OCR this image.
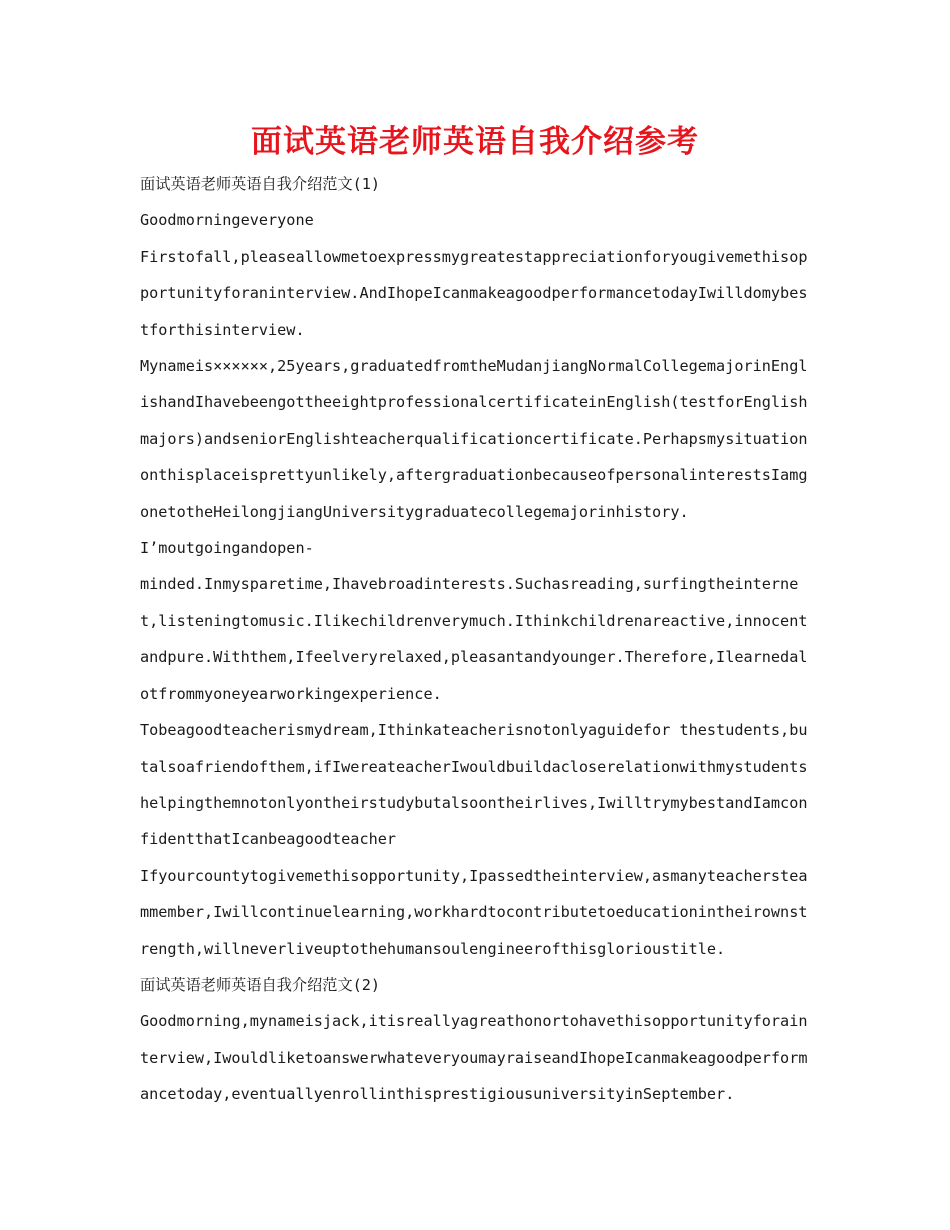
面试英语老师英语自我介绍参考

面试英语老师英语自我介绍范文(1)

Goodmorningeveryone

Firstofall,pleaseallowmetoexpressmygreatestappreciationforyougivemethisopportunityforaninterview.AndIhopeIcanmakeagoodperformancetodayIwilldomybestforthisinterview.

Mynameis××××××,25years,graduatedfromtheMudanjiangNormalCollegemajorinEnglishandIhavebeengottheeightprofessionalcertificateinEnglish(testforEnglishmajors)andseniorEnglishteacherqualificationcertificate.Perhapsmysituationonthisplaceisprettyunlikely,aftergraduationbecauseofpersonalinterestsIamgonetotheHeilongjiangUniversitygraduatecollegemajorinhistory.

I’moutgoingandopen-

minded.Inmysparetime,Ihavebroadinterests.Suchasreading,surfingtheinternet,listeningtomusic.Ilikechildrenverymuch.Ithinkchildrenareactive,innocentandpure.Withthem,Ifeelveryrelaxed,pleasantandyounger.Therefore,Ilearnedalotfrommyoneyearworkingexperience.

Tobeagoodteacherismydream,Ithinkateacherisnotonlyaguidefor thestudents,butalsoafriendofthem,ifIwereateacherIwouldbuildacloserelationwithmystudentshelpingthemnotonlyontheirstudybutalsoontheirlives,IwilltrymybestandIamconfidentthatIcanbeagoodteacher

Ifyourcountytogivemethisopportunity,Ipassedtheinterview,asmanyteachersteammember,Iwillcontinuelearning,workhardtocontributetoeducationintheirownstrength,willneverliveuptothehumansoulengineerofthisglorioustitle.

面试英语老师英语自我介绍范文(2)

Goodmorning,mynameisjack,itisreallyagreathonortohavethisopportunityforainterview,IwouldliketoanswerwhateveryoumayraiseandIhopeIcanmakeagoodperformancetoday,eventuallyenrollinthisprestigiousuniversityinSeptember.
